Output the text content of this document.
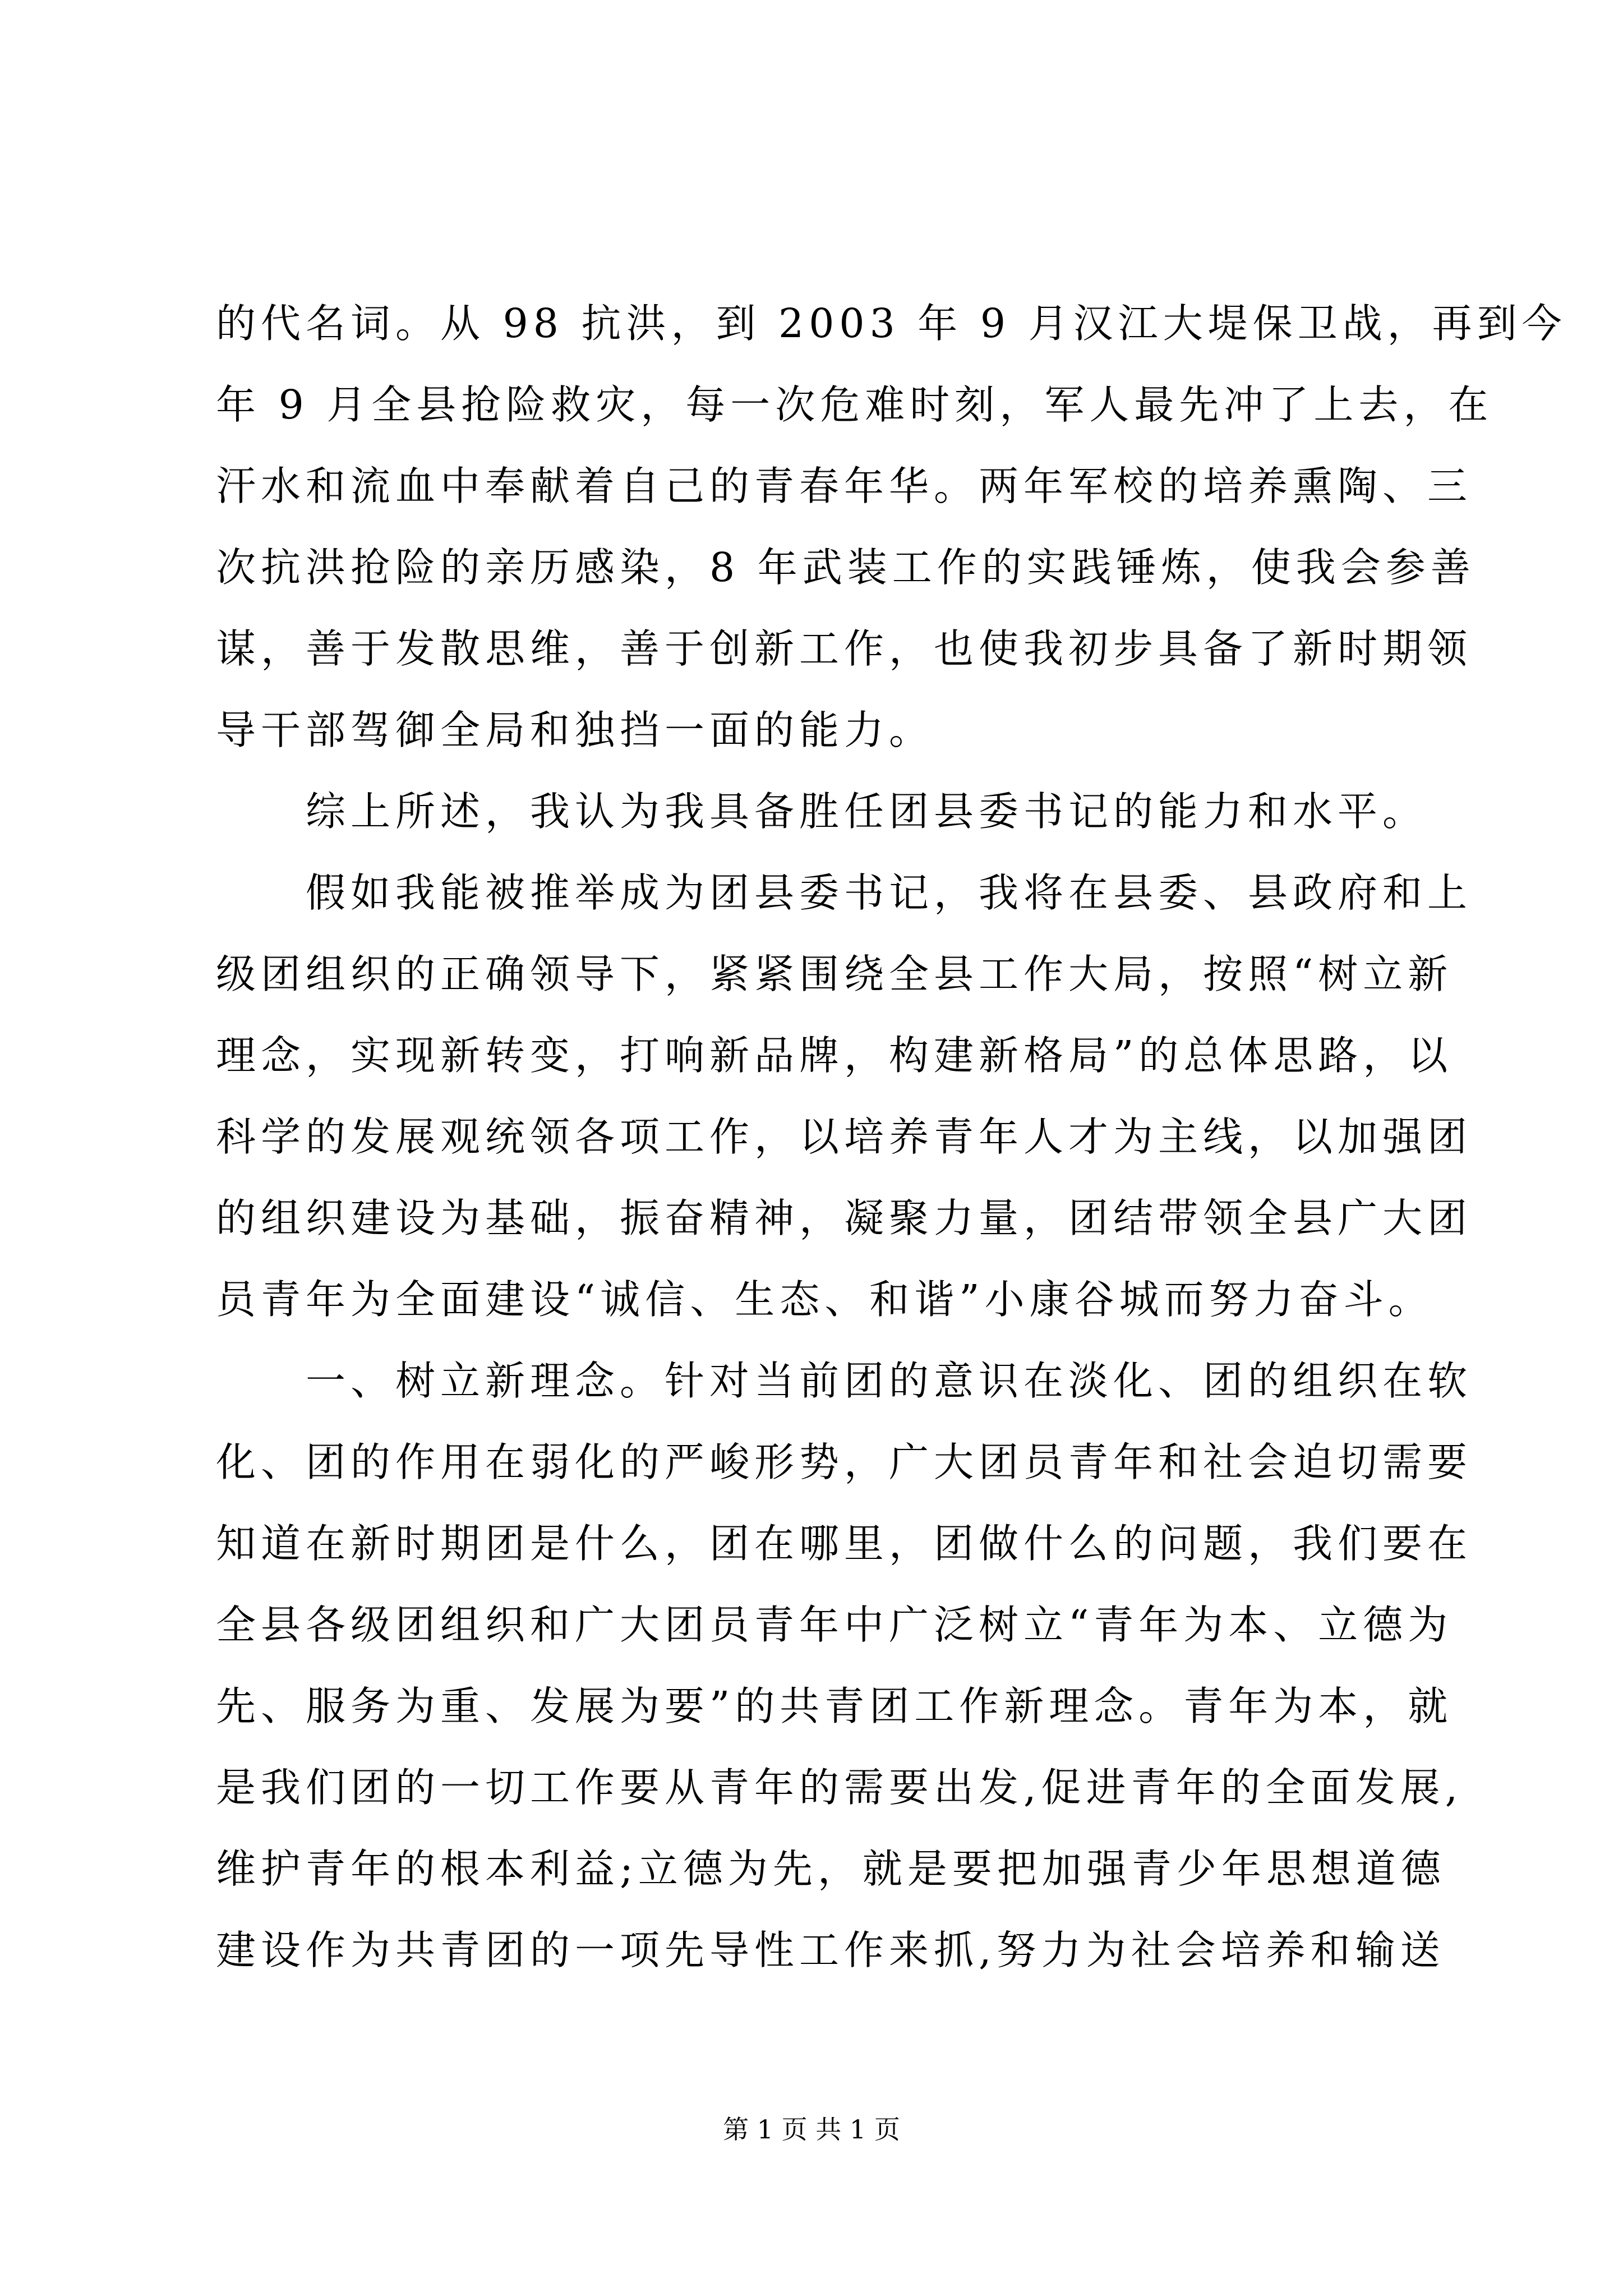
的代名词。从 98 抗洪，到 2003 年 9 月汉江大堤保卫战，再到今
年 9 月全县抢险救灾，每一次危难时刻，军人最先冲了上去，在
汗水和流血中奉献着自己的青春年华。两年军校的培养熏陶、三
次抗洪抢险的亲历感染，8 年武装工作的实践锤炼，使我会参善
谋，善于发散思维，善于创新工作，也使我初步具备了新时期领
导干部驾御全局和独挡一面的能力。
综上所述，我认为我具备胜任团县委书记的能力和水平。
假如我能被推举成为团县委书记，我将在县委、县政府和上
级团组织的正确领导下，紧紧围绕全县工作大局，按照“树立新
理念，实现新转变，打响新品牌，构建新格局”的总体思路，以
科学的发展观统领各项工作，以培养青年人才为主线，以加强团
的组织建设为基础，振奋精神，凝聚力量，团结带领全县广大团
员青年为全面建设“诚信、生态、和谐”小康谷城而努力奋斗。
一、树立新理念。针对当前团的意识在淡化、团的组织在软
化、团的作用在弱化的严峻形势，广大团员青年和社会迫切需要
知道在新时期团是什么，团在哪里，团做什么的问题，我们要在
全县各级团组织和广大团员青年中广泛树立“青年为本、立德为
先、服务为重、发展为要”的共青团工作新理念。青年为本，就
是我们团的一切工作要从青年的需要出发,促进青年的全面发展,
维护青年的根本利益;立德为先，就是要把加强青少年思想道德
建设作为共青团的一项先导性工作来抓,努力为社会培养和输送
第 1 页 共 1 页
